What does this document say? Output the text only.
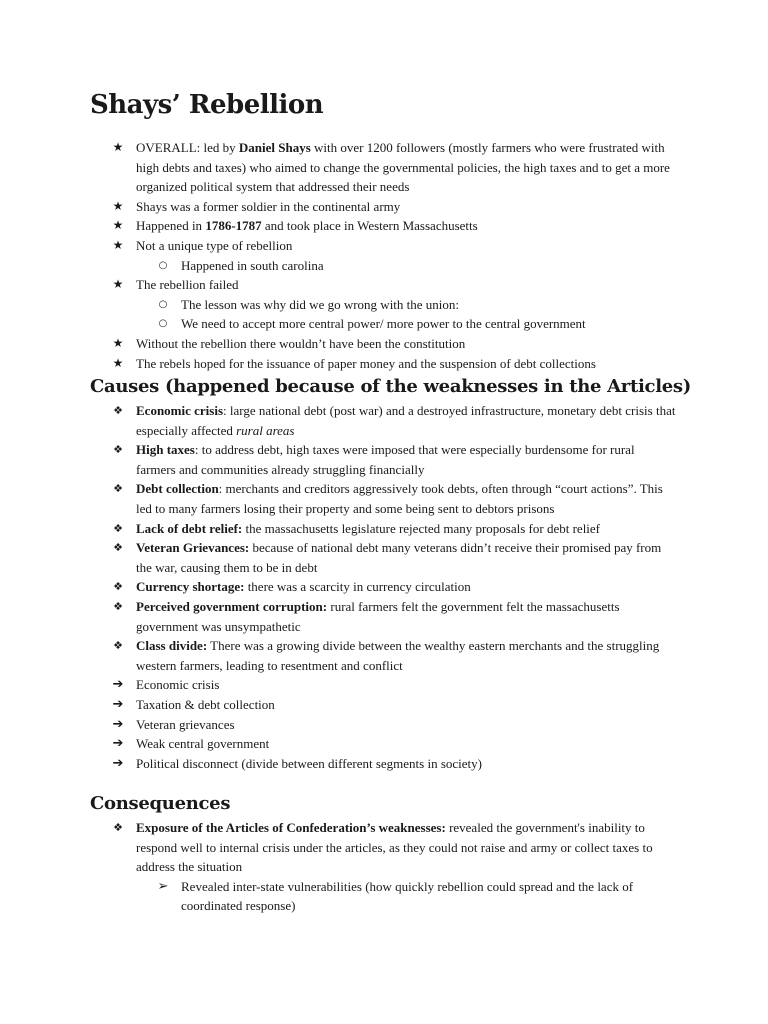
Shays’ Rebellion
★ OVERALL: led by Daniel Shays with over 1200 followers (mostly farmers who were frustrated with high debts and taxes) who aimed to change the governmental policies, the high taxes and to get a more organized political system that addressed their needs
★ Shays was a former soldier in the continental army
★ Happened in 1786-1787 and took place in Western Massachusetts
★ Not a unique type of rebellion
○	Happened in south carolina
★ The rebellion failed
○	The lesson was why did we go wrong with the union:
○	We need to accept more central power/ more power to the central government
★ Without the rebellion there wouldn’t have been the constitution
★ The rebels hoped for the issuance of paper money and the suspension of debt collections
Causes (happened because of the weaknesses in the Articles)
❖	Economic crisis: large national debt (post war) and a destroyed infrastructure, monetary debt crisis that especially affected rural areas
❖	High taxes: to address debt, high taxes were imposed that were especially burdensome for rural farmers and communities already struggling financially
❖	Debt collection: merchants and creditors aggressively took debts, often through “court actions”. This led to many farmers losing their property and some being sent to debtors prisons
❖	Lack of debt relief: the massachusetts legislature rejected many proposals for debt relief
❖	Veteran Grievances: because of national debt many veterans didn’t receive their promised pay from the war, causing them to be in debt
❖	Currency shortage: there was a scarcity in currency circulation
❖	Perceived government corruption: rural farmers felt the government felt the massachusetts government was unsympathetic
❖	Class divide: There was a growing divide between the wealthy eastern merchants and the struggling western farmers, leading to resentment and conflict
➔ Economic crisis
➔ Taxation & debt collection
➔ Veteran grievances
➔ Weak central government
➔ Political disconnect (divide between different segments in society)
Consequences
❖	Exposure of the Articles of Confederation’s weaknesses: revealed the government's inability to respond well to internal crisis under the articles, as they could not raise and army or collect taxes to address the situation
➢ Revealed inter-state vulnerabilities (how quickly rebellion could spread and the lack of coordinated response)
